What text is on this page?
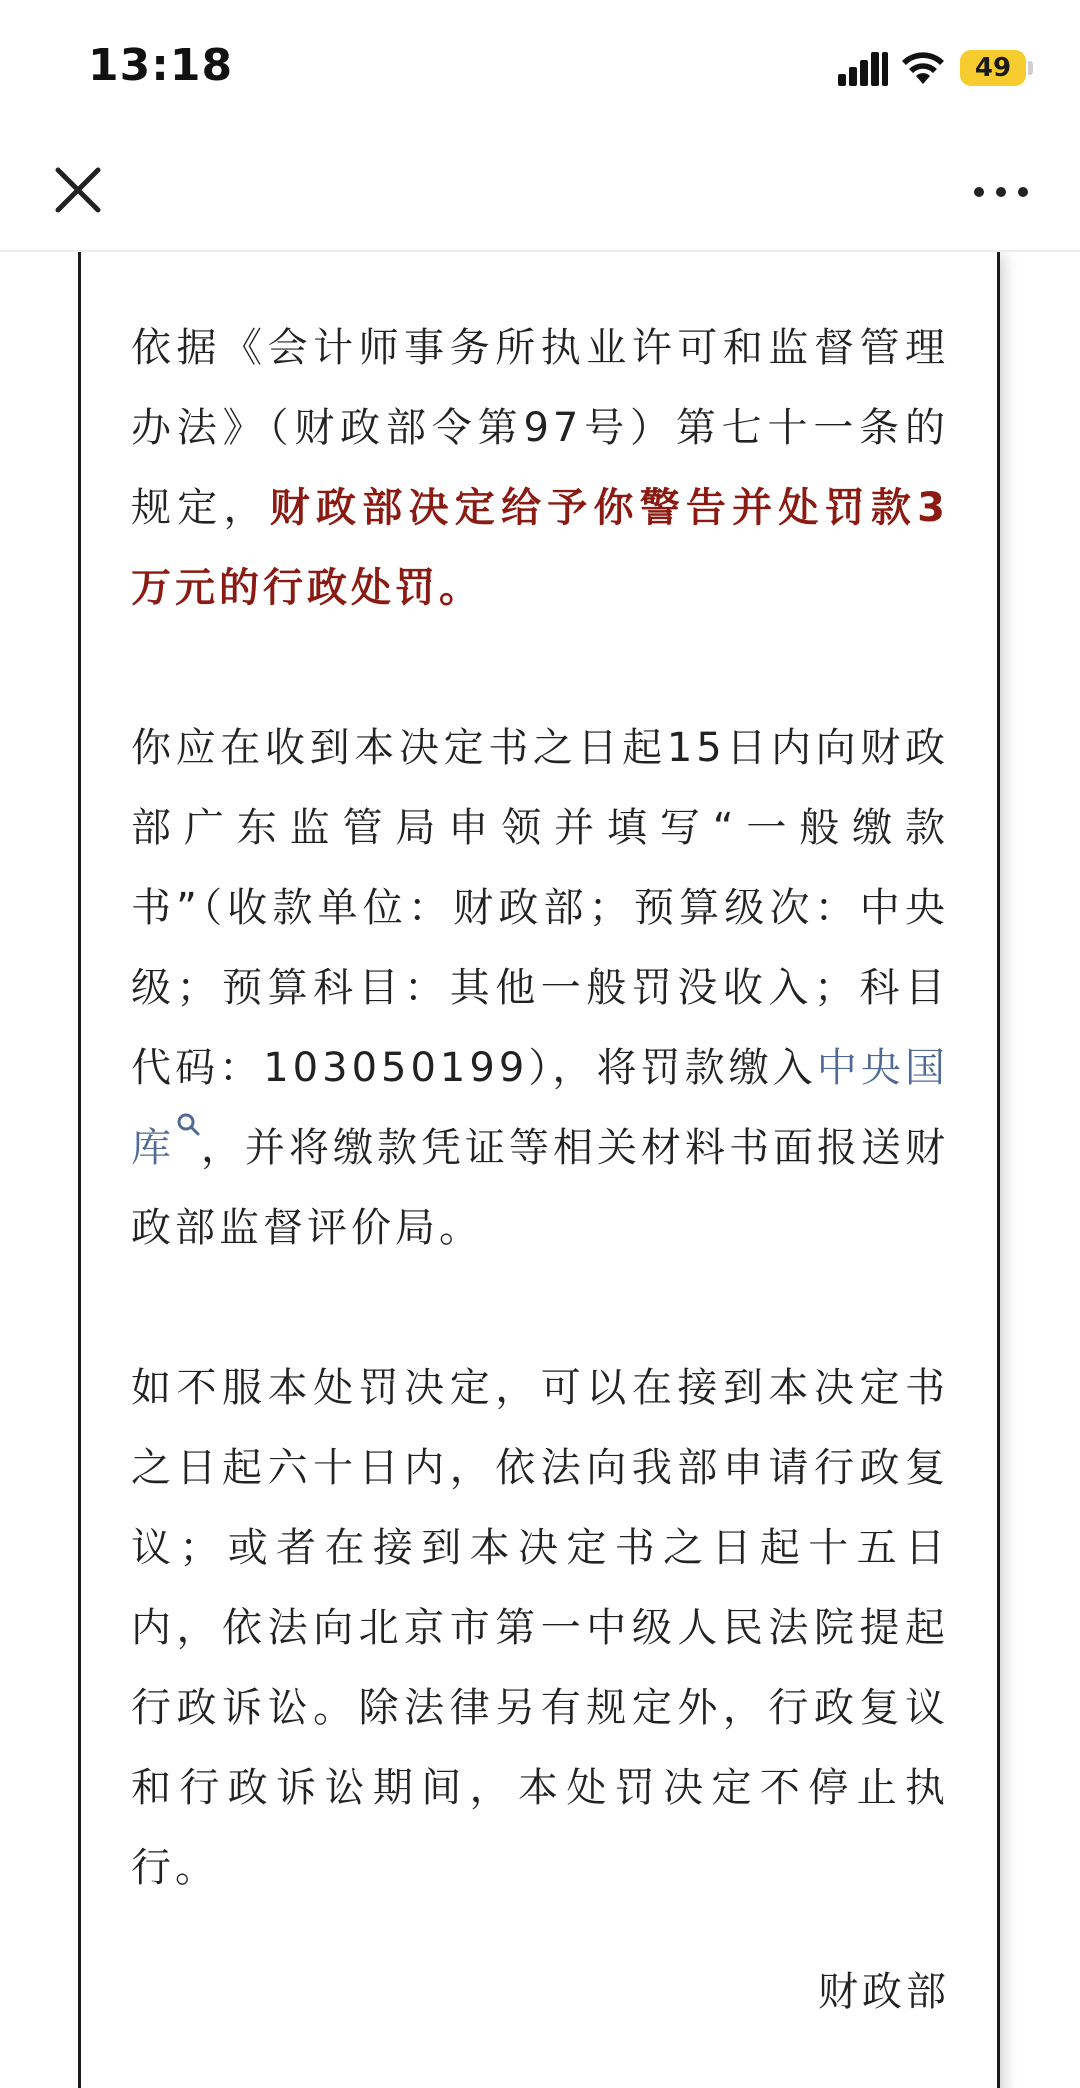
13:18	49
依据《会计师事务所执业许可和监督管理办法》（财政部令第97号）第七十一条的规定，财政部决定给予你警告并处罚款3万元的行政处罚。
你应在收到本决定书之日起15日内向财政部广东监管局申领并填写“一般缴款书”（收款单位：财政部；预算级次：中央级；预算科目：其他一般罚没收入；科目代码：103050199），将罚款缴入中央国库 ，并将缴款凭证等相关材料书面报送财政部监督评价局。
如不服本处罚决定，可以在接到本决定书之日起六十日内，依法向我部申请行政复议；或者在接到本决定书之日起十五日内，依法向北京市第一中级人民法院提起行政诉讼。除法律另有规定外，行政复议和行政诉讼期间，本处罚决定不停止执行。
财政部
